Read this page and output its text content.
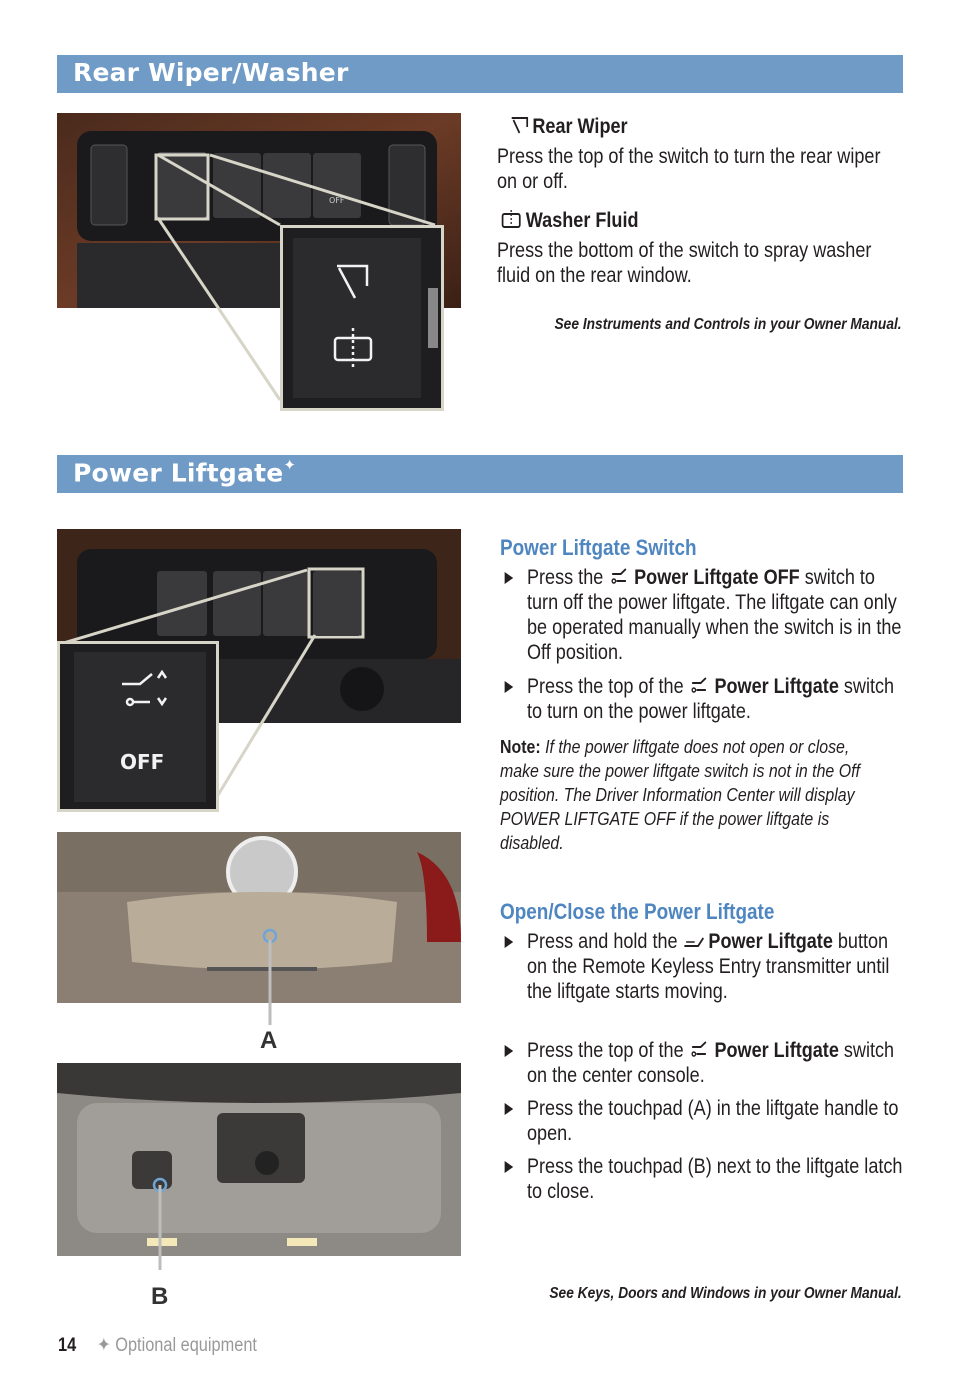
Rear Wiper/Washer
OFF
Rear Wiper
Press the top of the switch to turn the rear wiper on or off.
Washer Fluid
Press the bottom of the switch to spray washer fluid on the rear window.
See Instruments and Controls in your Owner Manual.
Power Liftgate✦
OFF
Power Liftgate Switch
Press the Power Liftgate OFF switch to turn off the power liftgate. The liftgate can only be operated manually when the switch is in the Off position.
Press the top of the Power Liftgate switch to turn on the power liftgate.
Note: If the power liftgate does not open or close, make sure the power liftgate switch is not in the Off position. The Driver Information Center will display POWER LIFTGATE OFF if the power liftgate is disabled.
A
B
Open/Close the Power Liftgate
Press and hold the Power Liftgate button on the Remote Keyless Entry transmitter until the liftgate starts moving.
Press the top of the Power Liftgate switch on the center console.
Press the touchpad (A) in the liftgate handle to open.
Press the touchpad (B) next to the liftgate latch to close.
See Keys, Doors and Windows in your Owner Manual.
14 ✦ Optional equipment
